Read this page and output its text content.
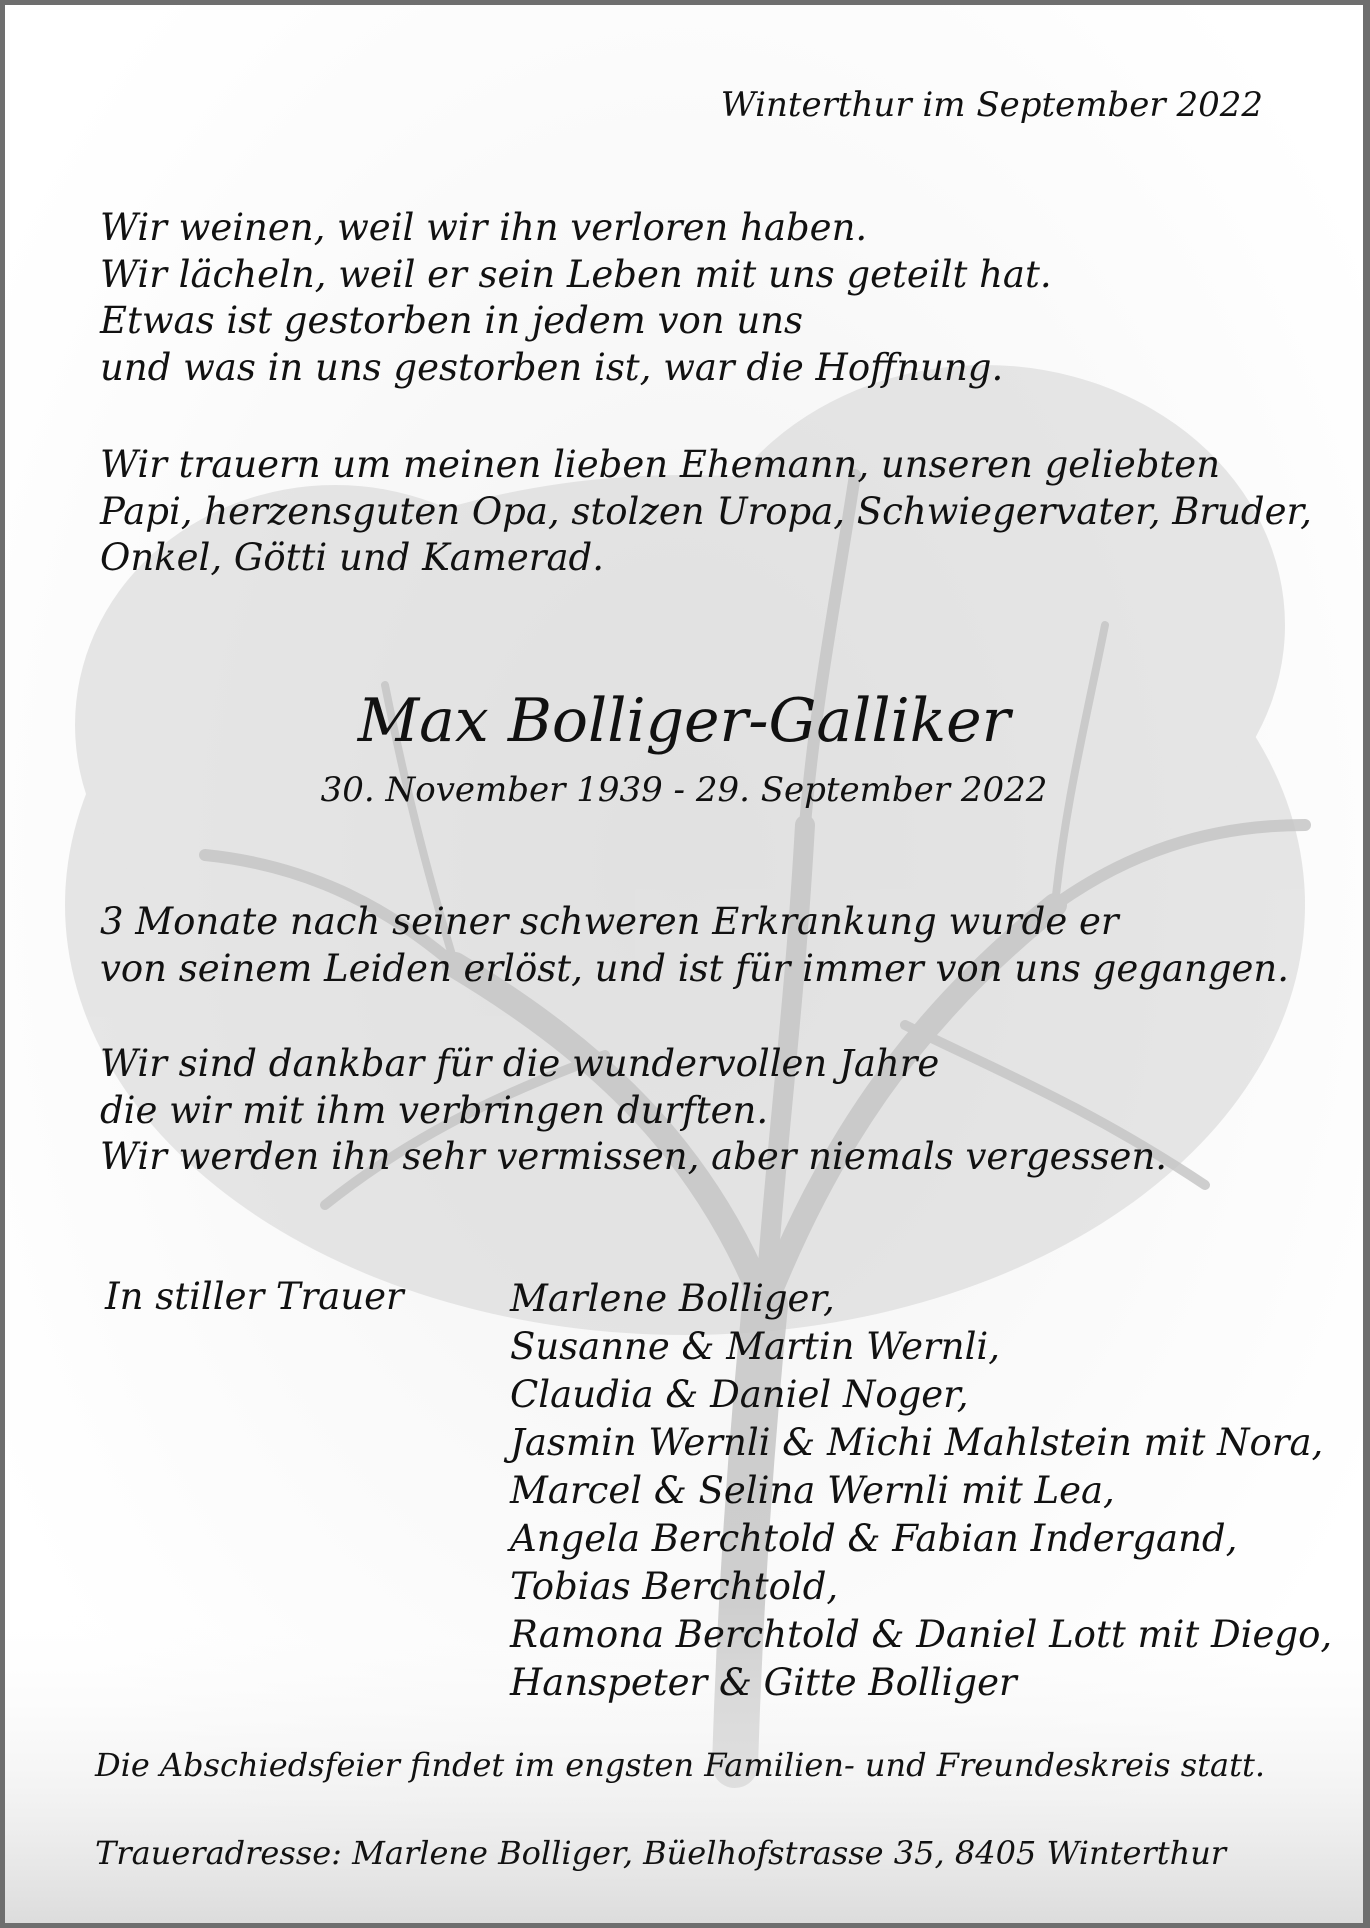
Winterthur im September 2022
Wir weinen, weil wir ihn verloren haben.
Wir lächeln, weil er sein Leben mit uns geteilt hat.
Etwas ist gestorben in jedem von uns
und was in uns gestorben ist, war die Hoffnung.
Wir trauern um meinen lieben Ehemann, unseren geliebten
Papi, herzensguten Opa, stolzen Uropa, Schwiegervater, Bruder,
Onkel, Götti und Kamerad.
Max Bolliger-Galliker
30. November 1939 - 29. September 2022
3 Monate nach seiner schweren Erkrankung wurde er
von seinem Leiden erlöst, und ist für immer von uns gegangen.
Wir sind dankbar für die wundervollen Jahre
die wir mit ihm verbringen durften.
Wir werden ihn sehr vermissen, aber niemals vergessen.
In stiller Trauer	Marlene Bolliger,
Susanne & Martin Wernli,
Claudia & Daniel Noger,
Jasmin Wernli & Michi Mahlstein mit Nora,
Marcel & Selina Wernli mit Lea,
Angela Berchtold & Fabian Indergand,
Tobias Berchtold,
Ramona Berchtold & Daniel Lott mit Diego,
Hanspeter & Gitte Bolliger
Die Abschiedsfeier findet im engsten Familien- und Freundeskreis statt.
Traueradresse: Marlene Bolliger, Büelhofstrasse 35, 8405 Winterthur
